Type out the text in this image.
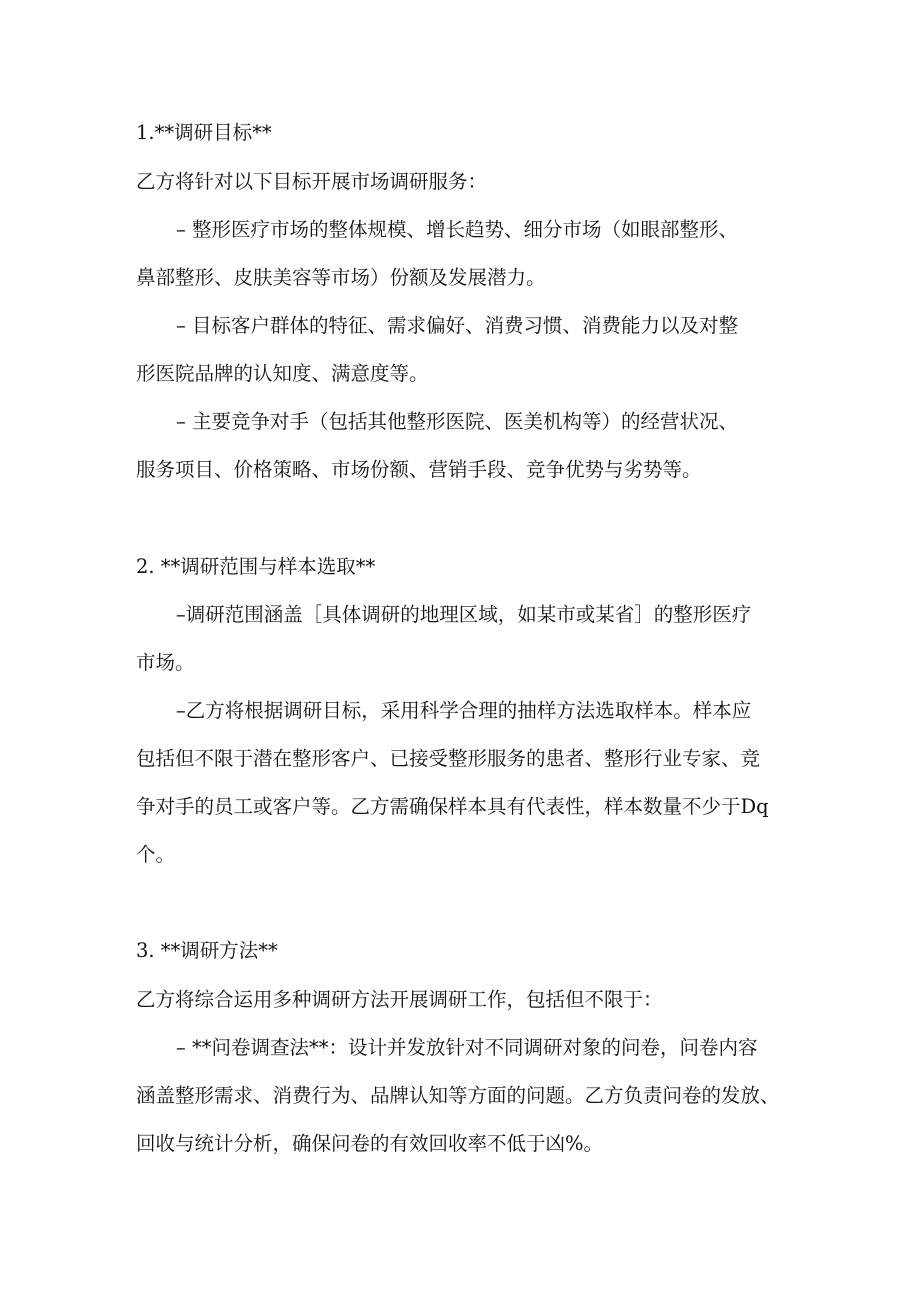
1.**调研目标**
乙方将针对以下目标开展市场调研服务：
– 整形医疗市场的整体规模、增长趋势、细分市场（如眼部整形、
鼻部整形、皮肤美容等市场）份额及发展潜力。
– 目标客户群体的特征、需求偏好、消费习惯、消费能力以及对整
形医院品牌的认知度、满意度等。
– 主要竞争对手（包括其他整形医院、医美机构等）的经营状况、
服务项目、价格策略、市场份额、营销手段、竞争优势与劣势等。
2. **调研范围与样本选取**
–调研范围涵盖［具体调研的地理区域，如某市或某省］的整形医疗
市场。
–乙方将根据调研目标，采用科学合理的抽样方法选取样本。样本应
包括但不限于潜在整形客户、已接受整形服务的患者、整形行业专家、竞
争对手的员工或客户等。乙方需确保样本具有代表性，样本数量不少于Dq
个。
3. **调研方法**
乙方将综合运用多种调研方法开展调研工作，包括但不限于：
– **问卷调查法**：设计并发放针对不同调研对象的问卷，问卷内容
涵盖整形需求、消费行为、品牌认知等方面的问题。乙方负责问卷的发放、
回收与统计分析，确保问卷的有效回收率不低于凶%。
